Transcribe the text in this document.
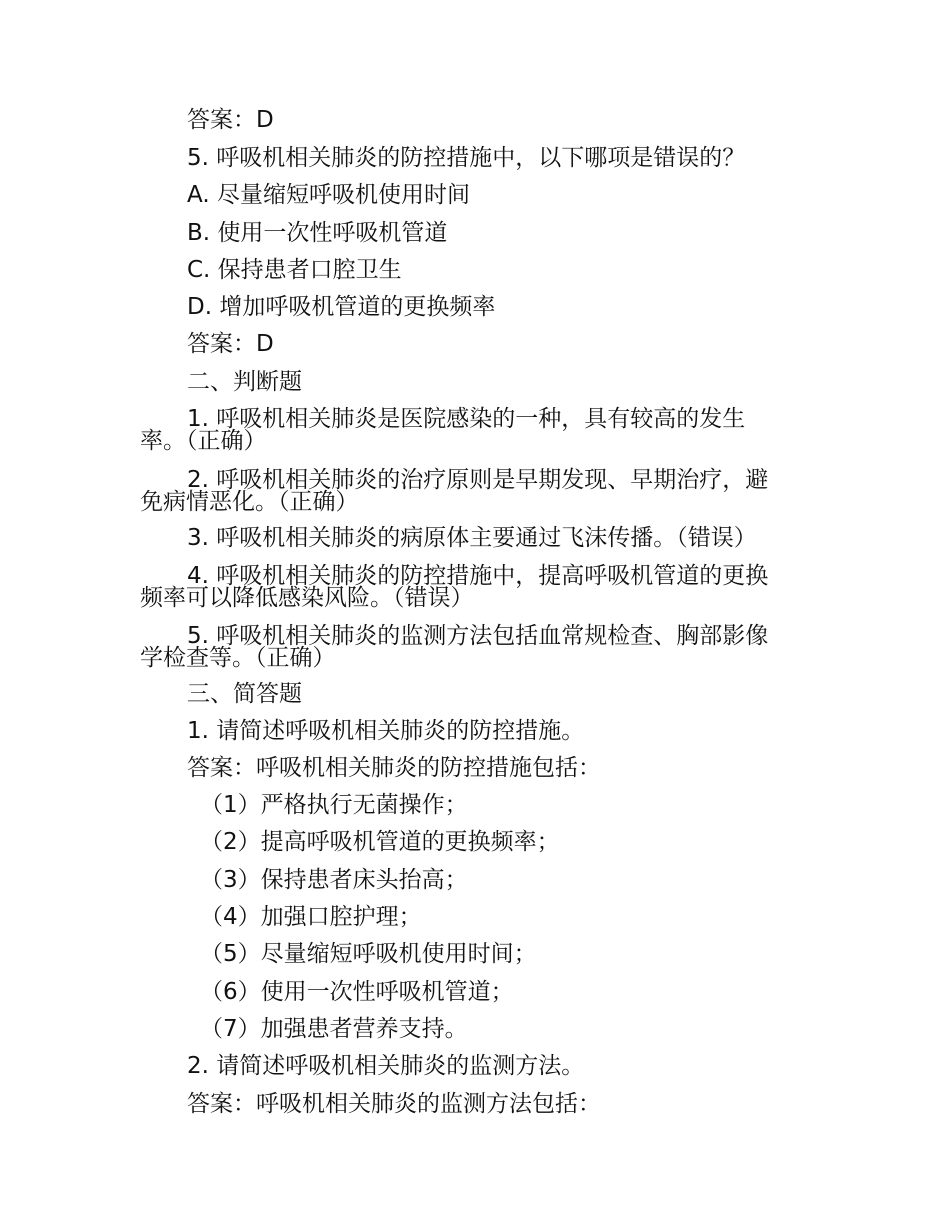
答案：D
5. 呼吸机相关肺炎的防控措施中，以下哪项是错误的？
A. 尽量缩短呼吸机使用时间
B. 使用一次性呼吸机管道
C. 保持患者口腔卫生
D. 增加呼吸机管道的更换频率
答案：D
二、判断题
1. 呼吸机相关肺炎是医院感染的一种，具有较高的发生
率。（正确）
2. 呼吸机相关肺炎的治疗原则是早期发现、早期治疗，避
免病情恶化。（正确）
3. 呼吸机相关肺炎的病原体主要通过飞沫传播。（错误）
4. 呼吸机相关肺炎的防控措施中，提高呼吸机管道的更换
频率可以降低感染风险。（错误）
5. 呼吸机相关肺炎的监测方法包括血常规检查、胸部影像
学检查等。（正确）
三、简答题
1. 请简述呼吸机相关肺炎的防控措施。
答案：呼吸机相关肺炎的防控措施包括：
（1）严格执行无菌操作；
（2）提高呼吸机管道的更换频率；
（3）保持患者床头抬高；
（4）加强口腔护理；
（5）尽量缩短呼吸机使用时间；
（6）使用一次性呼吸机管道；
（7）加强患者营养支持。
2. 请简述呼吸机相关肺炎的监测方法。
答案：呼吸机相关肺炎的监测方法包括：
